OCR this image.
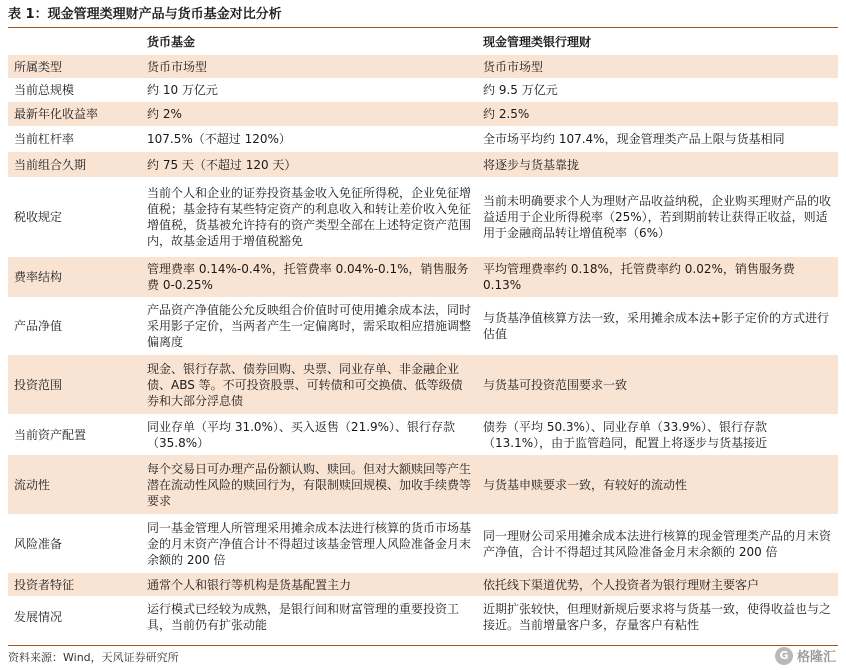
表 1：现金管理类理财产品与货币基金对比分析
	货币基金	现金管理类银行理财
所属类型	货币市场型	货币市场型
当前总规模	约 10 万亿元	约 9.5 万亿元
最新年化收益率	约 2%	约 2.5%
当前杠杆率	107.5%（不超过 120%）	全市场平均约 107.4%，现金管理类产品上限与货基相同
当前组合久期	约 75 天（不超过 120 天）	将逐步与货基靠拢
税收规定	当前个人和企业的证券投资基金收入免征所得税，企业免征增值税；基金持有某些特定资产的利息收入和转让差价收入免征增值税，货基被允许持有的资产类型全部在上述特定资产范围内，故基金适用于增值税豁免	当前未明确要求个人为理财产品收益纳税，企业购买理财产品的收益适用于企业所得税率（25%），若到期前转让获得正收益，则适用于金融商品转让增值税率（6%）
费率结构	管理费率 0.14%-0.4%，托管费率 0.04%-0.1%，销售服务费 0-0.25%	平均管理费率约 0.18%，托管费率约 0.02%，销售服务费 0.13%
产品净值	产品资产净值能公允反映组合价值时可使用摊余成本法，同时采用影子定价，当两者产生一定偏离时，需采取相应措施调整偏离度	与货基净值核算方法一致，采用摊余成本法+影子定价的方式进行估值
投资范围	现金、银行存款、债券回购、央票、同业存单、非金融企业债、ABS 等。不可投资股票、可转债和可交换债、低等级债券和大部分浮息债	与货基可投资范围要求一致
当前资产配置	同业存单（平均 31.0%）、买入返售（21.9%）、银行存款（35.8%）	债券（平均 50.3%）、同业存单（33.9%）、银行存款（13.1%），由于监管趋同，配置上将逐步与货基接近
流动性	每个交易日可办理产品份额认购、赎回。但对大额赎回等产生潜在流动性风险的赎回行为，有限制赎回规模、加收手续费等要求	与货基申赎要求一致，有较好的流动性
风险准备	同一基金管理人所管理采用摊余成本法进行核算的货币市场基金的月末资产净值合计不得超过该基金管理人风险准备金月末余额的 200 倍	同一理财公司采用摊余成本法进行核算的现金管理类产品的月末资产净值，合计不得超过其风险准备金月末余额的 200 倍
投资者特征	通常个人和银行等机构是货基配置主力	依托线下渠道优势，个人投资者为银行理财主要客户
发展情况	运行模式已经较为成熟，是银行间和财富管理的重要投资工具，当前仍有扩张动能	近期扩张较快，但理财新规后要求将与货基一致，使得收益也与之接近。当前增量客户多，存量客户有粘性
资料来源：Wind，天风证券研究所	G 格隆汇
